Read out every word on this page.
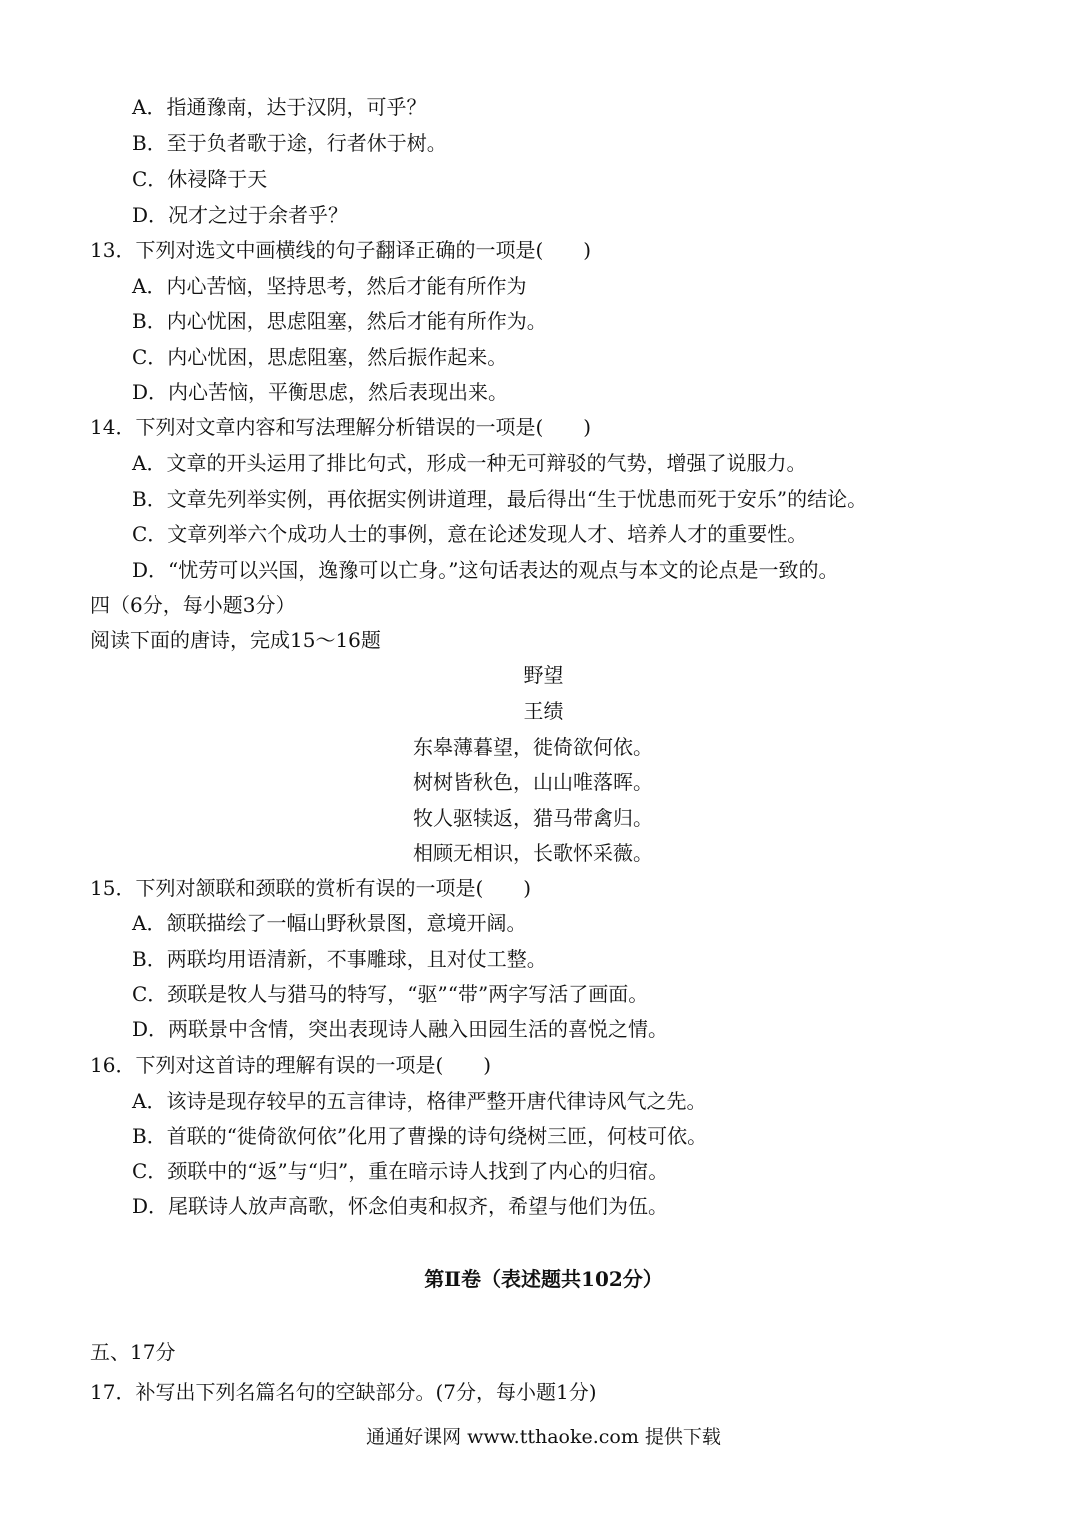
A．指通豫南，达于汉阴，可乎？
B．至于负者歌于途，行者休于树。
C．休祲降于天
D．况才之过于余者乎？
13．下列对选文中画横线的句子翻译正确的一项是(　　)
A．内心苦恼，坚持思考，然后才能有所作为
B．内心忧困，思虑阻塞，然后才能有所作为。
C．内心忧困，思虑阻塞，然后振作起来。
D．内心苦恼，平衡思虑，然后表现出来。
14．下列对文章内容和写法理解分析错误的一项是(　　)
A．文章的开头运用了排比句式，形成一种无可辩驳的气势，增强了说服力。
B．文章先列举实例，再依据实例讲道理，最后得出“生于忧患而死于安乐”的结论。
C．文章列举六个成功人士的事例，意在论述发现人才、培养人才的重要性。
D．“忧劳可以兴国，逸豫可以亡身。”这句话表达的观点与本文的论点是一致的。
四（6分，每小题3分）
阅读下面的唐诗，完成15～16题
野望
王绩
东皋薄暮望，徙倚欲何依。
树树皆秋色，山山唯落晖。
牧人驱犊返，猎马带禽归。
相顾无相识，长歌怀采薇。
15．下列对颔联和颈联的赏析有误的一项是(　　)
A．颔联描绘了一幅山野秋景图，意境开阔。
B．两联均用语清新，不事雕球，且对仗工整。
C．颈联是牧人与猎马的特写，“驱”“带”两字写活了画面。
D．两联景中含情，突出表现诗人融入田园生活的喜悦之情。
16．下列对这首诗的理解有误的一项是(　　)
A．该诗是现存较早的五言律诗，格律严整开唐代律诗风气之先。
B．首联的“徙倚欲何依”化用了曹操的诗句绕树三匝，何枝可依。
C．颈联中的“返”与“归”，重在暗示诗人找到了内心的归宿。
D．尾联诗人放声高歌，怀念伯夷和叔齐，希望与他们为伍。
第Ⅱ卷（表述题共102分）
五、17分
17．补写出下列名篇名句的空缺部分。(7分，每小题1分)
通通好课网 www.tthaoke.com 提供下载
